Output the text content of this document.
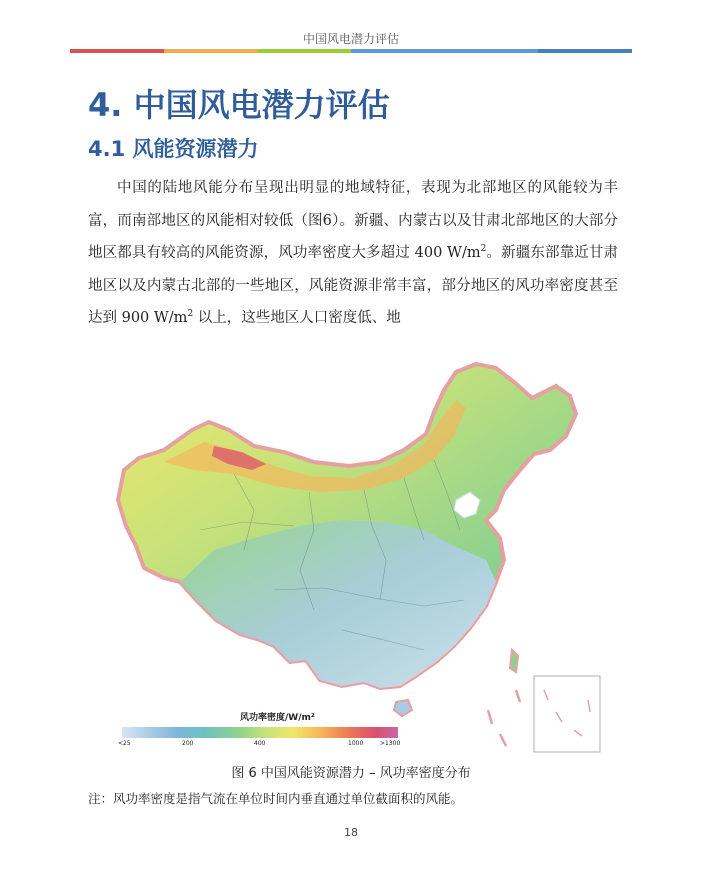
中国风电潜力评估
4. 中国风电潜力评估
4.1 风能资源潜力

中国的陆地风能分布呈现出明显的地域特征，表现为北部地区的风能较为丰富，而南部地区的风能相对较低（图6）。新疆、内蒙古以及甘肃北部地区的大部分地区都具有较高的风能资源，风功率密度大多超过 400 $W/m^2$。新疆东部靠近甘肃地区以及内蒙古北部的一些地区，风能资源非常丰富，部分地区的风功率密度甚至达到 900 $W/m^2$ 以上，这些地区人口密度低、地

风功率密度/W/m²
<25	200	400	1000	>1300
图 6 中国风能资源潜力 – 风功率密度分布
注：风功率密度是指气流在单位时间内垂直通过单位截面积的风能。
18
